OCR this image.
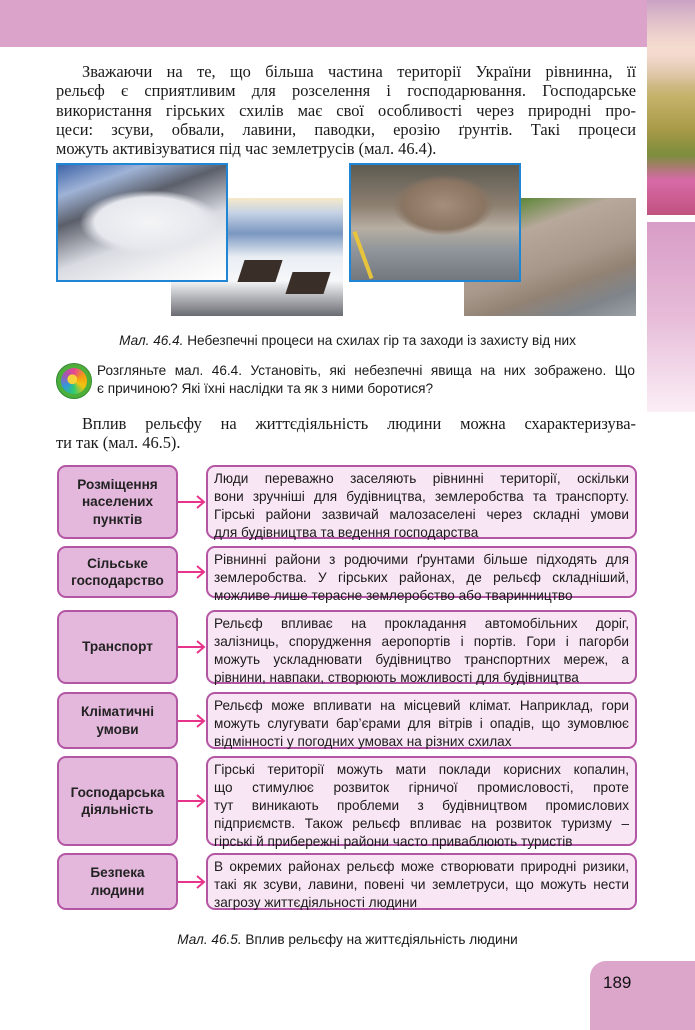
Зважаючи на те, що більша частина території України рівнинна, її
рельєф є сприятливим для розселення і господарювання. Господарське
використання гірських схилів має свої особливості через природні про-
цеси: зсуви, обвали, лавини, паводки, ерозію ґрунтів. Такі процеси
можуть активізуватися під час землетрусів (мал. 46.4).

Мал. 46.4. Небезпечні процеси на схилах гір та заходи із захисту від них

Розгляньте мал. 46.4. Установіть, які небезпечні явища на них зображено. Що
є причиною? Які їхні наслідки та як з ними боротися?

Вплив рельєфу на життєдіяльність людини можна схарактеризува-
ти так (мал. 46.5).

Розміщення населених пунктів
Люди переважно заселяють рівнинні території, оскільки
вони зручніші для будівництва, землеробства та транспорту.
Гірські райони зазвичай малозаселені через складні умови
для будівництва та ведення господарства
Сільське господарство
Рівнинні райони з родючими ґрунтами більше підходять для
землеробства. У гірських районах, де рельєф складніший,
можливе лише терасне землеробство або тваринництво
Транспорт
Рельєф впливає на прокладання автомобільних доріг,
залізниць, спорудження аеропортів і портів. Гори і пагорби
можуть ускладнювати будівництво транспортних мереж, а
рівнини, навпаки, створюють можливості для будівництва
Кліматичні умови
Рельєф може впливати на місцевий клімат. Наприклад, гори
можуть слугувати бар’єрами для вітрів і опадів, що зумовлює
відмінності у погодних умовах на різних схилах
Господарська діяльність
Гірські території можуть мати поклади корисних копалин,
що стимулює розвиток гірничої промисловості, проте
тут виникають проблеми з будівництвом промислових
підприємств. Також рельєф впливає на розвиток туризму –
гірські й прибережні райони часто приваблюють туристів
Безпека людини
В окремих районах рельєф може створювати природні ризики,
такі як зсуви, лавини, повені чи землетруси, що можуть нести
загрозу життєдіяльності людини

Мал. 46.5. Вплив рельєфу на життєдіяльність людини

189
